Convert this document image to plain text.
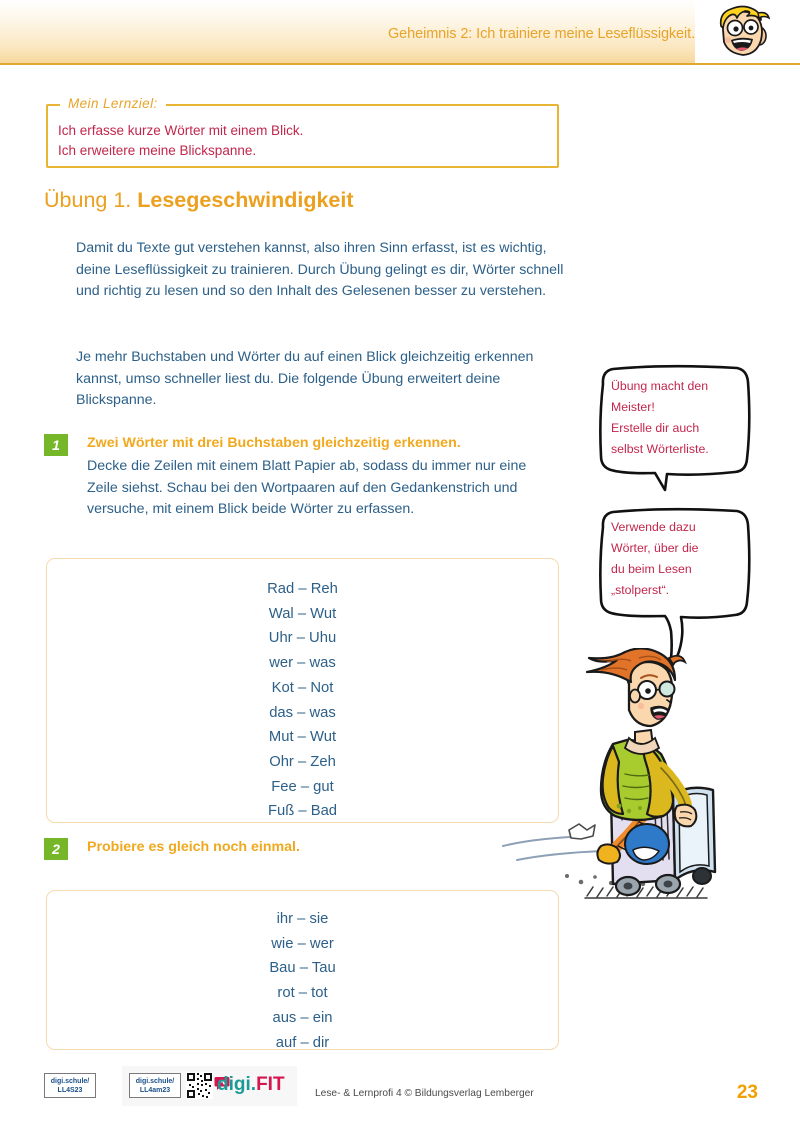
Geheimnis 2: Ich trainiere meine Leseflüssigkeit.
Mein Lernziel:
Ich erfasse kurze Wörter mit einem Blick.
Ich erweitere meine Blickspanne.
Übung 1. Lesegeschwindigkeit
Damit du Texte gut verstehen kannst, also ihren Sinn erfasst, ist es wichtig, deine Leseflüssigkeit zu trainieren. Durch Übung gelingt es dir, Wörter schnell und richtig zu lesen und so den Inhalt des Gelesenen besser zu verstehen.
Je mehr Buchstaben und Wörter du auf einen Blick gleichzeitig erkennen kannst, umso schneller liest du. Die folgende Übung erweitert deine Blickspanne.
1	Zwei Wörter mit drei Buchstaben gleichzeitig erkennen.
Decke die Zeilen mit einem Blatt Papier ab, sodass du immer nur eine Zeile siehst. Schau bei den Wortpaaren auf den Gedankenstrich und versuche, mit einem Blick beide Wörter zu erfassen.
Rad – Reh
Wal – Wut
Uhr – Uhu
wer – was
Kot – Not
das – was
Mut – Wut
Ohr – Zeh
Fee – gut
Fuß – Bad
2	Probiere es gleich noch einmal.
ihr – sie
wie – wer
Bau – Tau
rot – tot
aus – ein
auf – dir
Übung macht den
Meister!
Erstelle dir auch
selbst Wörterliste.
Verwende dazu
Wörter, über die
du beim Lesen
„stolperst“.
digi.schule/
LL4S23
digi.schule/
LL4am23	digi.FIT	Lese- & Lernprofi 4 © Bildungsverlag Lemberger	23
